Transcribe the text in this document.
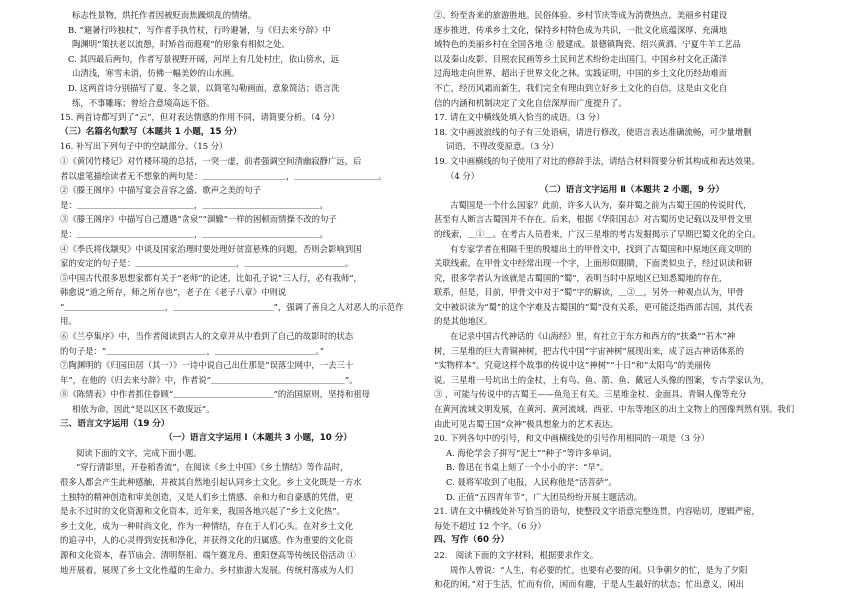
标志性景物，烘托作者因被贬而焦躁烦乱的情绪。

B. “避暑行吟独杖”，写作者手执竹杖，行吟避暑，与《归去来兮辞》中

陶渊明“策扶老以流憩，时矫首而遐观”的形象有相似之处。

C. 其四最后两句，作者写景视野开阔，河岸上有几处村庄，依山傍水，远

山清浅，寒雪未消，仿佛一幅美妙的山水画。

D. 这两首诗分别描写了夏、冬之景，以简笔勾勒画面，意象简洁；语言洗

练，不事雕琢；曾给合意境高远不俗。

15. 两首诗都写到了“云”，但对表达情感的作用不同，请简要分析。（4 分）

（三）名篇名句默写（本题共 1 小题，15 分）

16. 补写出下列句子中的空缺部分。（15 分）

①《黄冈竹楼记》对竹楼环境的总括，一突一虚，前者强调空间清幽寂静广远，后

者以虚笔描绘读者无不想象的两句是：＿＿＿＿＿＿＿＿＿＿，＿＿＿＿＿＿＿＿＿＿。

②《滕王阁序》中描写宴会音容之盛、歌声之美的句子

是：＿＿＿＿＿＿＿＿＿＿＿＿＿＿，＿＿＿＿＿＿＿＿＿＿＿＿＿＿。

③《滕王阁序》中描写自己遭遇“贪泉”“涸辙”一样的困顿而情操不改的句子

是：＿＿＿＿＿＿＿＿＿＿＿＿＿＿，＿＿＿＿＿＿＿＿＿＿＿＿＿＿。

④《季氏将伐颛臾》中谈及国家治理时要处理好贫富悬殊的问题，否则会影响到国

家的安定的句子是：＿＿＿＿＿＿＿＿＿＿＿＿，＿＿＿＿＿＿＿＿＿＿＿＿。

⑤中国古代很多思想家都有关于“老师”的论述，比如孔子说“三人行，必有我师”，

韩愈说“道之所存，师之所存也”，老子在《老子八章》中则说

“＿＿＿＿＿＿＿＿＿＿＿＿，＿＿＿＿＿＿＿＿＿＿＿＿”，强调了善良之人对恶人的示范作

用。

⑥《兰亭集序》中，当作者阅读到古人的文章并从中看到了自己的故影时的状态

的句子是：“＿＿＿＿＿＿＿＿＿＿＿＿，＿＿＿＿＿＿＿＿＿＿＿＿。”

⑦陶渊明的《归园田居（其一）》一诗中说自己出仕那是“误落尘网中，一去三十

年”，在他的《归去来兮辞》中，作者说“＿＿＿＿＿＿＿＿＿＿＿＿＿＿＿＿”。

⑧《陈情表》中作者抓住眷顾“＿＿＿＿＿＿＿＿＿＿＿＿”的治国原则，坚持和祖母

相依为命，因此“是以区区不敢废远”。

三、语言文字运用（19 分）

（一）语言文字运用 Ⅰ（本题共 3 小题，10 分）

阅读下面的文字，完成下面小题。

“穿行清影里，开卷稻香流”，在阅读《乡土中国》《乡土情结》等作品时，

很多人都会产生此种感触，并被其自然地引起认同乡土文化。乡土文化既是一方水

土独特的精神创造和审美创造，又是人们乡土情感、亲和力和自豪感的凭借，更

是永不过时的文化资源和文化资本。近年来，我国各地兴起了“乡土文化热”。

乡土文化，成为一种时尚文化，作为一种情结，存在于人们心头。在对乡土文化

的追寻中，人的心灵得到安抚和净化，并获得文化的归属感。作为重要的文化资

源和文化资本，春节庙会、清明祭祖、端午赛龙舟、重阳登高等传统民俗活动 ①

地开展着，展现了乡土文化性蕴的生命力。乡村旅游大发展。传统村落成为人们

②、纷至沓来的旅游胜地。民俗体验、乡村节庆等成为消费热点。美丽乡村建设

逐步推进，传承乡土文化，保持乡村特色成为共识，一批文化底蕴深厚、充满地

域特色的美丽乡村在全国各地 ③ 般建成。景德镇陶瓷、绍兴黄酒、宁夏牛羊工艺品

以及秦山皮影、目照农民画等乡土民间艺术纷纷走出国门。中国乡村文化正潇洋

过海地走向世界，超出于世界文化之林。实践证明，中国的乡土文化历经劫难而

不亡，经历风霜而新生，我们完全有理由到立好乡土文化的自信，这是由文化自

信的内涵和机制决定了文化自信深厚而广度提升了。

17. 请在文中横线处填入恰当的成语。（3 分）

18. 文中画波浪线的句子有三处语病，请进行修改，使语言表达准确流畅，可少量增删

词语，不得改变原意。（3 分）

19. 文中画横线的句子使用了对比的修辞手法，请结合材料简要分析其构成和表达效果。

（4 分）

（二）语言文字运用 Ⅱ（本题共 2 小题，9 分）

古蜀国是一个什么国家？此前，许多人认为，秦并蜀之前为古蜀王国的传说时代，

甚至有人断言古蜀国并不存在。后来，根据《华阳国志》对古蜀历史记载以及甲骨文里

的线索，＿①＿。在考古人员看来，广汉三星堆的考古发掘揭示了早期巴蜀文化的全白。

有专家学者在相隔千里的殷墟出土的甲骨文中，找到了古蜀国和中原地区商文明的

关联线索。在甲骨文中经常出现一个字，上面形似眼睛，下面类似虫子，经过识读和研

究，很多学者认为该就是古蜀国的“蜀”，表明当时中原地区已知悉蜀地的存在，

联系，但是，目前，甲骨文中对于“蜀”字的解读，＿②＿，另外一种观点认为，甲骨

文中被识读为“蜀”的这个字难及古蜀国的“蜀”没有关系，更可能泛指西部古国，其代表

的是其他地区。

在记录中国古代神话的《山海经》里，有社立于东方和西方的“扶桑”“若木”神

树，三星堆的巨大青铜神树，把古代中国“宇宙神树”展现出来，成了远古神话体系的

“实物样本”。究竟这样个故事的传说中这“神树”“十日”和“太阳鸟”的美丽传

说。三星堆一号坑出土的金杖，上有鸟、鱼、箭、鱼、戴冠人头像的图案，专古学家认为，

③ ，可能与传说中的古蜀王——鱼凫王有关。三星堆金杖、金面具、青铜人像等充分

在黄河流域文明发展，在黄河、黄河流域、西亚、中东等地区的出土文物上的图像判然有别。我们

由此可见古蜀王国“众神”极具想象力的艺术表达。

20. 下列各句中的引号，和文中画横线处的引号作用相同的一项是（3 分）

A. 海伦学会了拼写“泥土”“种子”等许多单词。

B. 鲁迅在书桌上刻了一个小小的字：“早”。

C. 聂将军收到了电报，人民称他是“活菩萨”。

D. 正值“五四青年节”，广大团员纷纷开展主题活动。

21. 请在文中横线处补写恰当的语句，使整段文字语意完整连贯，内容贴切，逻辑严密，

每处不超过 12 个字。（6 分）

四、写作（60 分）

22.　阅读下面的文字材料，根据要求作文。

周作人曾说：“人生，有必要的忙，也要有必要的闲。只争朝夕的忙，是为了夕阳

和花的闲。”对于生活，忙而有价，闲而有趣，于是人生最好的状态；忙出意义，闲出
